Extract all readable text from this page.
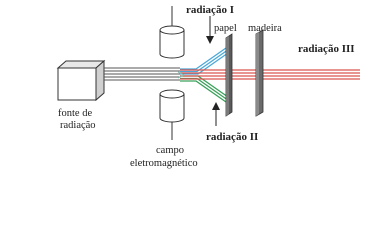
radiação I
papel madeira
radiação III
fonte de
radiação
campo
eletromagnético
radiação II
